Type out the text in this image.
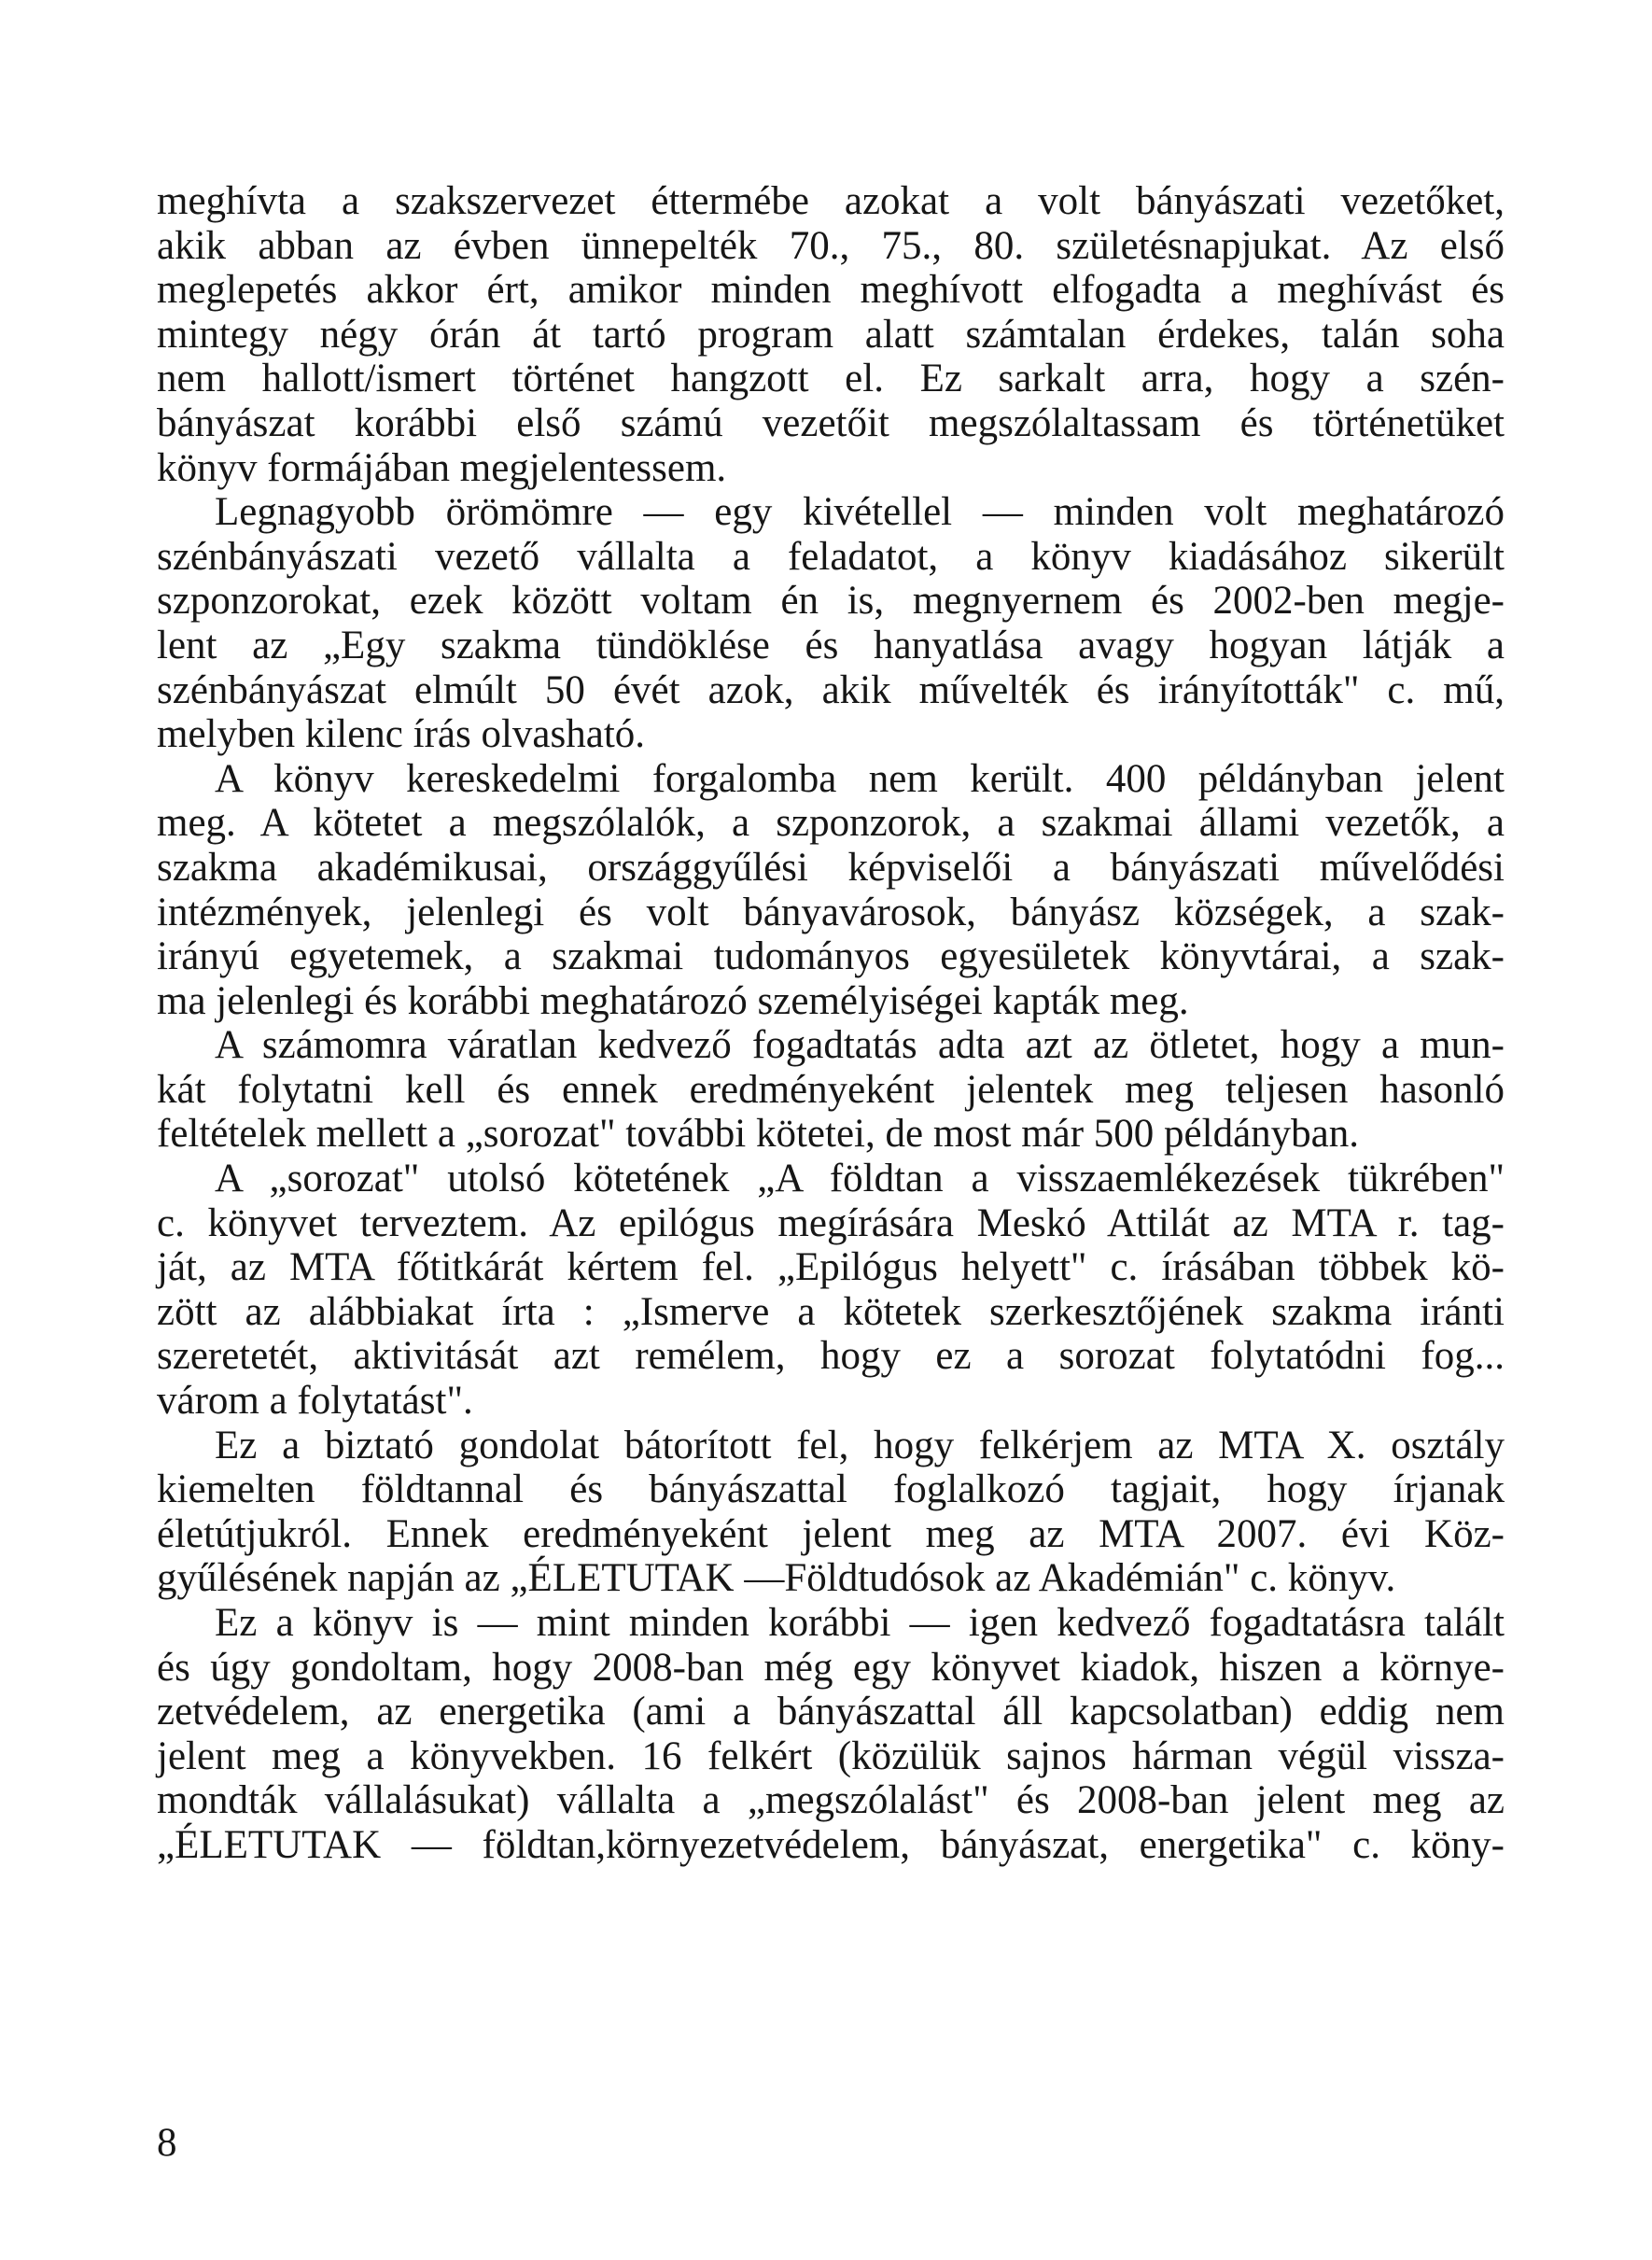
meghívta a szakszervezet éttermébe azokat a volt bányászati vezetőket,
akik abban az évben ünnepelték 70., 75., 80. születésnapjukat. Az első
meglepetés akkor ért, amikor minden meghívott elfogadta a meghívást és
mintegy négy órán át tartó program alatt számtalan érdekes, talán soha
nem hallott/ismert történet hangzott el. Ez sarkalt arra, hogy a szén-
bányászat korábbi első számú vezetőit megszólaltassam és történetüket
könyv formájában megjelentessem.
Legnagyobb örömömre — egy kivétellel — minden volt meghatározó
szénbányászati vezető vállalta a feladatot, a könyv kiadásához sikerült
szponzorokat, ezek között voltam én is, megnyernem és 2002-ben megje-
lent az „Egy szakma tündöklése és hanyatlása avagy hogyan látják a
szénbányászat elmúlt 50 évét azok, akik művelték és irányították" c. mű,
melyben kilenc írás olvasható.
A könyv kereskedelmi forgalomba nem került. 400 példányban jelent
meg. A kötetet a megszólalók, a szponzorok, a szakmai állami vezetők, a
szakma akadémikusai, országgyűlési képviselői a bányászati művelődési
intézmények, jelenlegi és volt bányavárosok, bányász községek, a szak-
irányú egyetemek, a szakmai tudományos egyesületek könyvtárai, a szak-
ma jelenlegi és korábbi meghatározó személyiségei kapták meg.
A számomra váratlan kedvező fogadtatás adta azt az ötletet, hogy a mun-
kát folytatni kell és ennek eredményeként jelentek meg teljesen hasonló
feltételek mellett a „sorozat" további kötetei, de most már 500 példányban.
A „sorozat" utolsó kötetének „A földtan a visszaemlékezések tükrében"
c. könyvet terveztem. Az epilógus megírására Meskó Attilát az MTA r. tag-
ját, az MTA főtitkárát kértem fel. „Epilógus helyett" c. írásában többek kö-
zött az alábbiakat írta : „Ismerve a kötetek szerkesztőjének szakma iránti
szeretetét, aktivitását azt remélem, hogy ez a sorozat folytatódni fog...
várom a folytatást".
Ez a biztató gondolat bátorított fel, hogy felkérjem az MTA X. osztály
kiemelten földtannal és bányászattal foglalkozó tagjait, hogy írjanak
életútjukról. Ennek eredményeként jelent meg az MTA 2007. évi Köz-
gyűlésének napján az „ÉLETUTAK —Földtudósok az Akadémián" c. könyv.
Ez a könyv is — mint minden korábbi — igen kedvező fogadtatásra talált
és úgy gondoltam, hogy 2008-ban még egy könyvet kiadok, hiszen a környe-
zetvédelem, az energetika (ami a bányászattal áll kapcsolatban) eddig nem
jelent meg a könyvekben. 16 felkért (közülük sajnos hárman végül vissza-
mondták vállalásukat) vállalta a „megszólalást" és 2008-ban jelent meg az
„ÉLETUTAK — földtan,környezetvédelem, bányászat, energetika" c. köny-
8
